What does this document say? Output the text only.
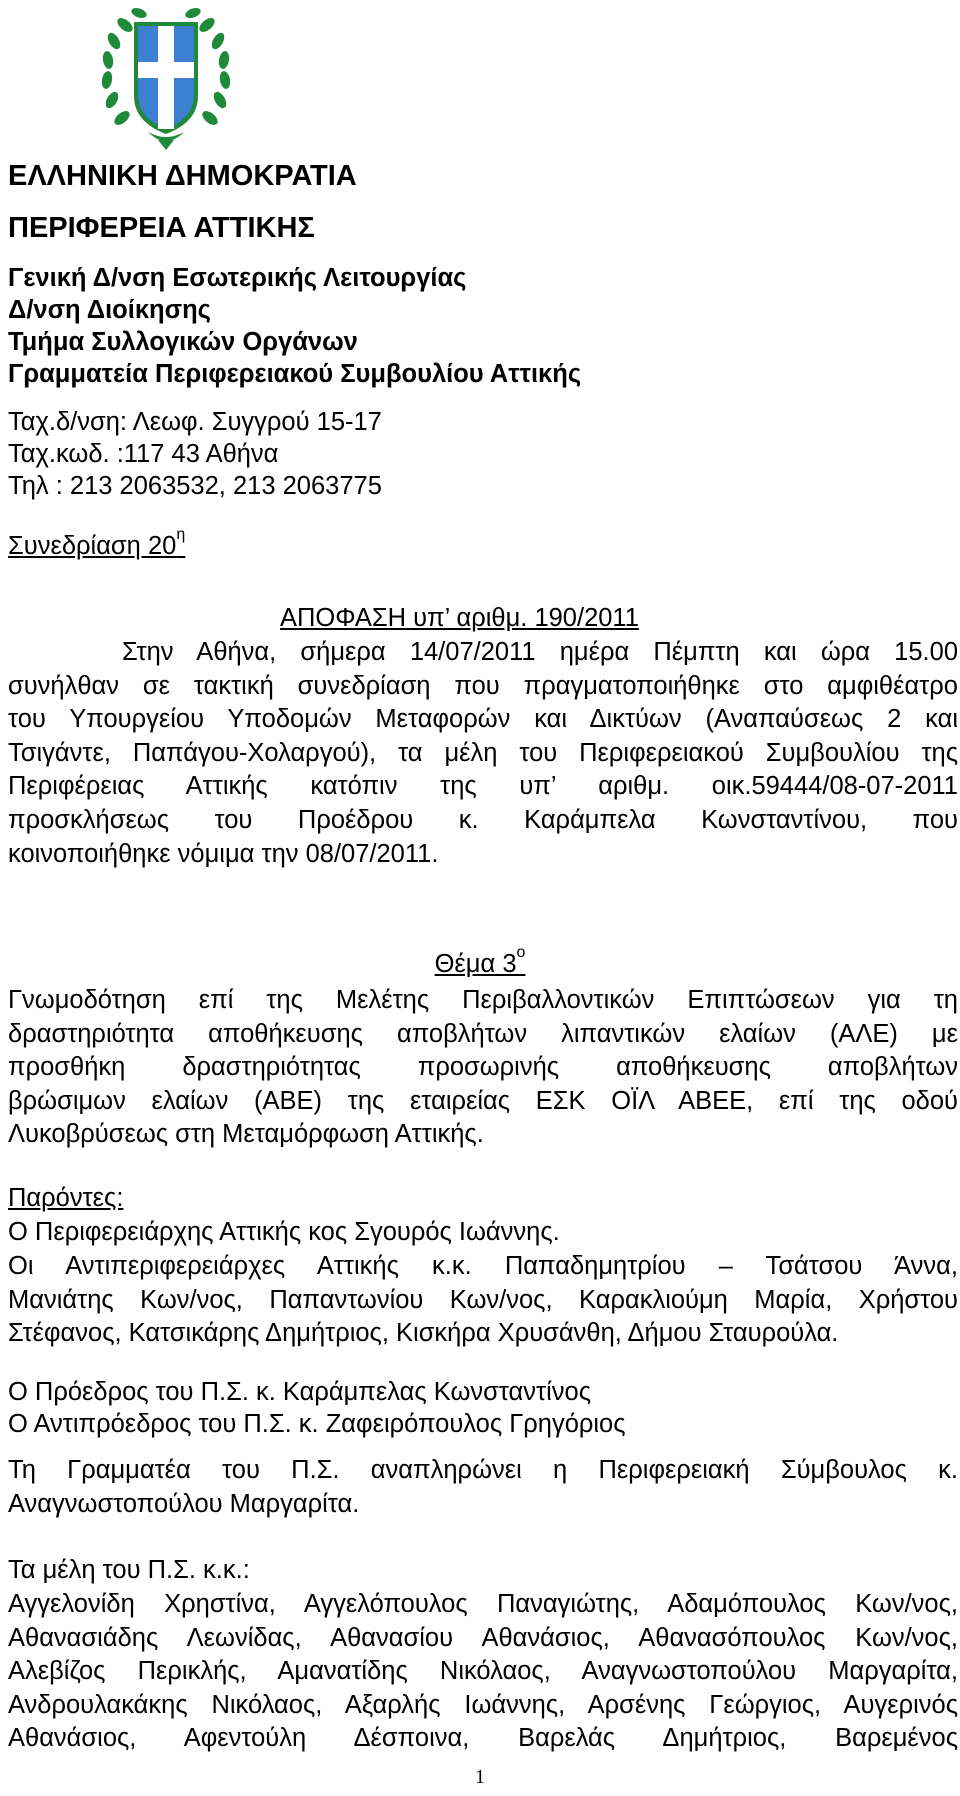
ΕΛΛΗΝΙΚΗ ΔΗΜΟΚΡΑΤΙΑ
ΠΕΡΙΦΕΡΕΙΑ ΑΤΤΙΚΗΣ
Γενική Δ/νση Εσωτερικής Λειτουργίας
Δ/νση Διοίκησης
Τμήμα Συλλογικών Οργάνων
Γραμματεία Περιφερειακού Συμβουλίου Αττικής
Ταχ.δ/νση: Λεωφ. Συγγρού 15-17
Ταχ.κωδ. :117 43 Αθήνα
Τηλ : 213 2063532, 213 2063775
Συνεδρίαση $20^\eta$
ΑΠΟΦΑΣΗ υπ’ αριθμ. 190/2011
Στην Αθήνα, σήμερα 14/07/2011 ημέρα Πέμπτη και ώρα 15.00
συνήλθαν σε τακτική συνεδρίαση που πραγματοποιήθηκε στο αμφιθέατρο
του Υπουργείου Υποδομών Μεταφορών και Δικτύων (Αναπαύσεως 2 και
Τσιγάντε, Παπάγου-Χολαργού), τα μέλη του Περιφερειακού Συμβουλίου της
Περιφέρειας Αττικής κατόπιν της υπ’ αριθμ. οικ.59444/08-07-2011
προσκλήσεως του Προέδρου κ. Καράμπελα Κωνσταντίνου, που
κοινοποιήθηκε νόμιμα την 08/07/2011.
Θέμα $3^o$
Γνωμοδότηση επί της Μελέτης Περιβαλλοντικών Επιπτώσεων για τη
δραστηριότητα αποθήκευσης αποβλήτων λιπαντικών ελαίων (ΑΛΕ) με
προσθήκη δραστηριότητας προσωρινής αποθήκευσης αποβλήτων
βρώσιμων ελαίων (ΑΒΕ) της εταιρείας ΕΣΚ ΟΪΛ ΑΒΕΕ, επί της οδού
Λυκοβρύσεως στη Μεταμόρφωση Αττικής.
Παρόντες:
Ο Περιφερειάρχης Αττικής κος Σγουρός Ιωάννης.
Οι Αντιπεριφερειάρχες Αττικής κ.κ. Παπαδημητρίου – Τσάτσου Άννα,
Μανιάτης Κων/νος, Παπαντωνίου Κων/νος, Καρακλιούμη Μαρία, Χρήστου
Στέφανος, Κατσικάρης Δημήτριος, Κισκήρα Χρυσάνθη, Δήμου Σταυρούλα.
Ο Πρόεδρος του Π.Σ. κ. Καράμπελας Κωνσταντίνος
Ο Αντιπρόεδρος του Π.Σ. κ. Ζαφειρόπουλος Γρηγόριος
Τη Γραμματέα του Π.Σ. αναπληρώνει η Περιφερειακή Σύμβουλος κ.
Αναγνωστοπούλου Μαργαρίτα.
Τα μέλη του Π.Σ. κ.κ.:
Αγγελονίδη Χρηστίνα, Αγγελόπουλος Παναγιώτης, Αδαμόπουλος Κων/νος,
Αθανασιάδης Λεωνίδας, Αθανασίου Αθανάσιος, Αθανασόπουλος Κων/νος,
Αλεβίζος Περικλής, Αμανατίδης Νικόλαος, Αναγνωστοπούλου Μαργαρίτα,
Ανδρουλακάκης Νικόλαος, Αξαρλής Ιωάννης, Αρσένης Γεώργιος, Αυγερινός
Αθανάσιος, Αφεντούλη Δέσποινα, Βαρελάς Δημήτριος, Βαρεμένος
1
